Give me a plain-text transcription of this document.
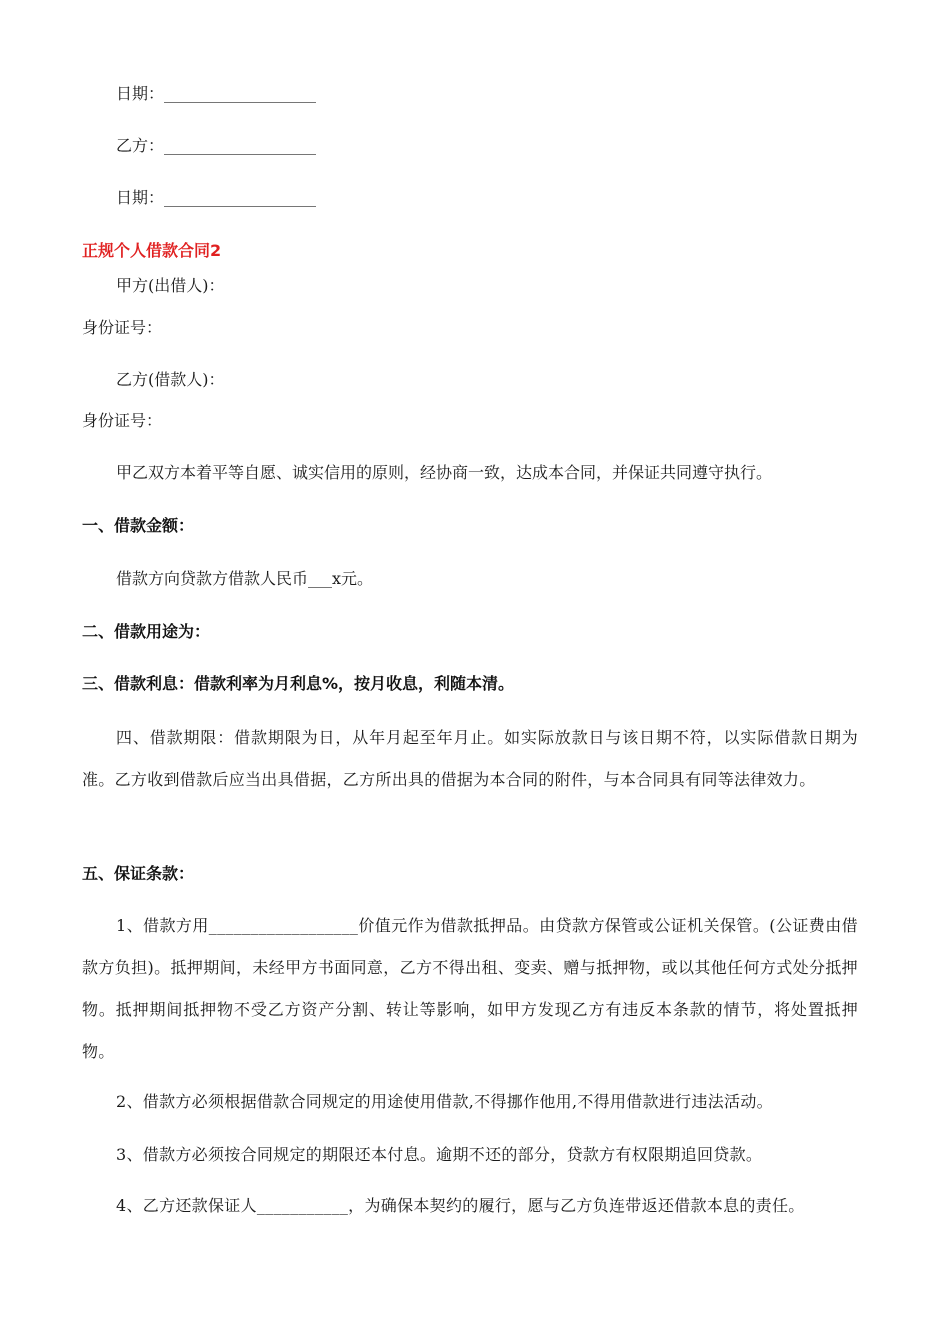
日期：___________________
乙方：___________________
日期：___________________
正规个人借款合同2
甲方(出借人)：
身份证号：
乙方(借款人)：
身份证号：
甲乙双方本着平等自愿、诚实信用的原则，经协商一致，达成本合同，并保证共同遵守执行。
一、借款金额：
借款方向贷款方借款人民币___x元。
二、借款用途为：
三、借款利息：借款利率为月利息%，按月收息，利随本清。
四、借款期限：借款期限为日，从年月起至年月止。如实际放款日与该日期不符，以实际借款日期为准。乙方收到借款后应当出具借据，乙方所出具的借据为本合同的附件，与本合同具有同等法律效力。
五、保证条款：
1、借款方用__________________价值元作为借款抵押品。由贷款方保管或公证机关保管。(公证费由借款方负担)。抵押期间，未经甲方书面同意，乙方不得出租、变卖、赠与抵押物，或以其他任何方式处分抵押物。抵押期间抵押物不受乙方资产分割、转让等影响，如甲方发现乙方有违反本条款的情节，将处置抵押物。
2、借款方必须根据借款合同规定的用途使用借款,不得挪作他用,不得用借款进行违法活动。
3、借款方必须按合同规定的期限还本付息。逾期不还的部分，贷款方有权限期追回贷款。
4、乙方还款保证人___________，为确保本契约的履行，愿与乙方负连带返还借款本息的责任。
